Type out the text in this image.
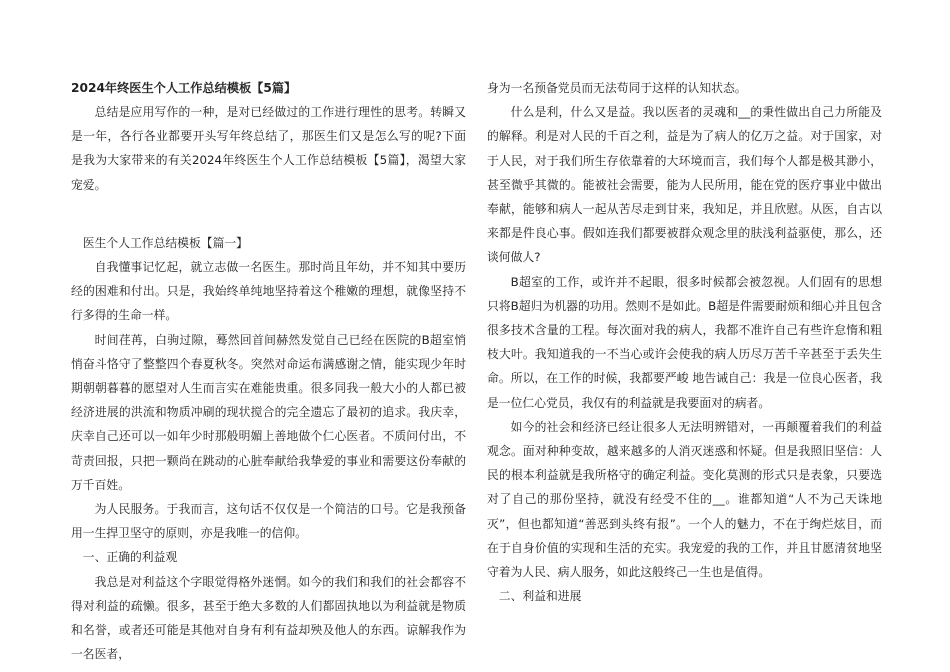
2024年终医生个人工作总结模板【5篇】

总结是应用写作的一种，是对已经做过的工作进行理性的思考。转瞬又是一年，各行各业都要开头写年终总结了，那医生们又是怎么写的呢?下面是我为大家带来的有关2024年终医生个人工作总结模板【5篇】，渴望大家宠爱。

医生个人工作总结模板【篇一】

自我懂事记忆起，就立志做一名医生。那时尚且年幼，并不知其中要历经的困难和付出。只是，我始终单纯地坚持着这个稚嫩的理想，就像坚持不行多得的生命一样。

时间荏苒，白驹过隙，蓦然回首间赫然发觉自己已经在医院的B超室悄悄奋斗恪守了整整四个春夏秋冬。突然对命运布满感谢之情，能实现少年时期朝朝暮暮的愿望对人生而言实在难能贵重。很多同我一般大小的人都已被经济进展的洪流和物质冲刷的现状搅合的完全遗忘了最初的追求。我庆幸，庆幸自己还可以一如年少时那般明媚上善地做个仁心医者。不质问付出，不苛责回报，只把一颗尚在跳动的心脏奉献给我挚爱的事业和需要这份奉献的万千百姓。

为人民服务。于我而言，这句话不仅仅是一个简洁的口号。它是我预备用一生捍卫坚守的原则，亦是我唯一的信仰。

一、正确的利益观

我总是对利益这个字眼觉得格外迷惘。如今的我们和我们的社会都容不得对利益的疏懒。很多，甚至于绝大多数的人们都固执地以为利益就是物质和名誉，或者还可能是其他对自身有利有益却殃及他人的东西。谅解我作为一名医者，

身为一名预备党员而无法苟同于这样的认知状态。

什么是利，什么又是益。我以医者的灵魂和__的秉性做出自己力所能及的解释。利是对人民的千百之利，益是为了病人的亿万之益。对于国家，对于人民，对于我们所生存依靠着的大环境而言，我们每个人都是极其渺小，甚至微乎其微的。能被社会需要，能为人民所用，能在党的医疗事业中做出奉献，能够和病人一起从苦尽走到甘来，我知足，并且欣慰。从医，自古以来都是件良心事。假如连我们都要被群众观念里的肤浅利益驱使，那么，还谈何做人?

B超室的工作，或许并不起眼，很多时候都会被忽视。人们固有的思想只将B超归为机器的功用。然则不是如此。B超是件需要耐烦和细心并且包含很多技术含量的工程。每次面对我的病人，我都不准许自己有些许怠惰和粗枝大叶。我知道我的一不当心或许会使我的病人历尽万苦千辛甚至于丢失生命。所以，在工作的时候，我都要严峻 地告诫自己：我是一位良心医者，我是一位仁心党员，我仅有的利益就是我要面对的病者。

如今的社会和经济已经让很多人无法明辨错对，一再颠覆着我们的利益观念。面对种种变故，越来越多的人消灭迷惑和怀疑。但是我照旧坚信：人民的根本利益就是我所格守的确定利益。变化莫测的形式只是表象，只要选对了自己的那份坚持，就没有经受不住的__。谁都知道“人不为己天诛地灭”，但也都知道“善恶到头终有报”。一个人的魅力，不在于绚烂炫目，而在于自身价值的实现和生活的充实。我宠爱的我的工作，并且甘愿清贫地坚守着为人民、病人服务，如此这般终己一生也是值得。

二、利益和进展
